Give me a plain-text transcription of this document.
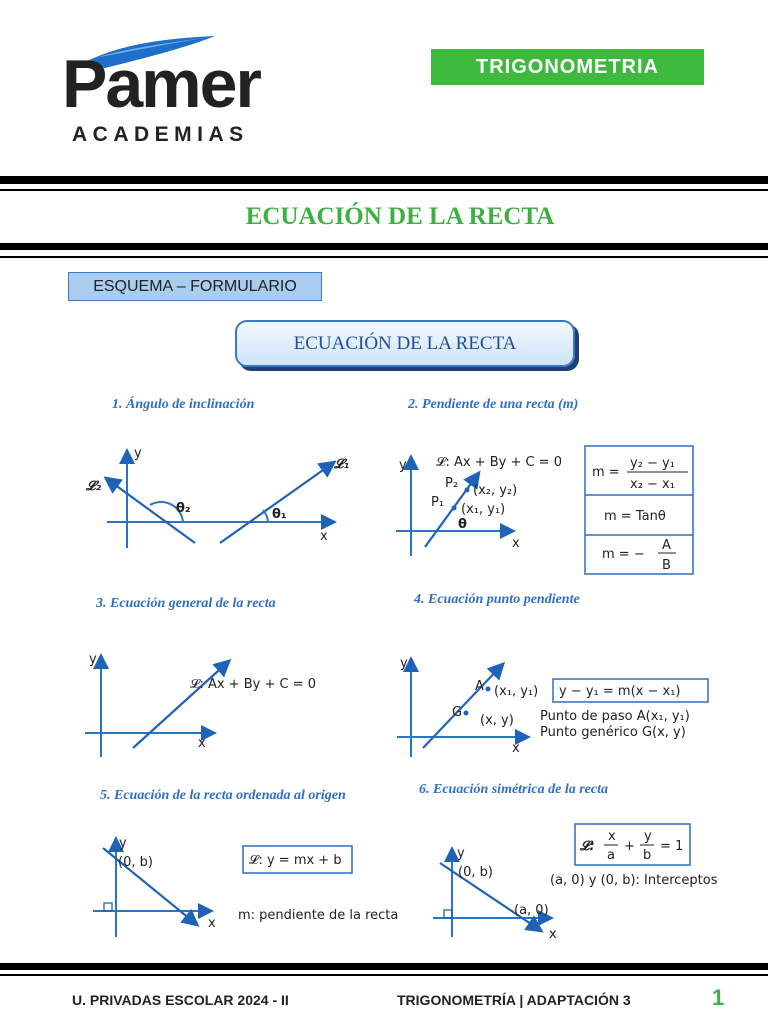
Pamer
ACADEMIAS
TRIGONOMETRIA
ECUACIÓN DE LA RECTA
ESQUEMA – FORMULARIO
ECUACIÓN DE LA RECTA
1. Ángulo de inclinación
y
x
𝓛₂
𝓛₁
θ₂	θ₁
2. Pendiente de una recta (m)
y
x
𝓛: Ax + By + C = 0
P₂ (x₂, y₂)
P₁ (x₁, y₁)
θ
m =
y₂ − y₁
x₂ − x₁
m = Tanθ
m = −
A
B
3. Ecuación general de la recta
y
x
𝓛: Ax + By + C = 0
4. Ecuación punto pendiente
y
x
A (x₁, y₁)
G
(x, y)
y − y₁ = m(x − x₁)
Punto de paso A(x₁, y₁)
Punto genérico G(x, y)
5. Ecuación de la recta ordenada al origen
y
x
(0, b)	𝓛: y = mx + b
m: pendiente de la recta
6. Ecuación simétrica de la recta
y
x
(0, b)
(a, 0)
𝓛:
x
a
+
y
b
= 1
(a, 0) y (0, b): Interceptos
U. PRIVADAS ESCOLAR 2024 - II	TRIGONOMETRÍA | ADAPTACIÓN 3	1
